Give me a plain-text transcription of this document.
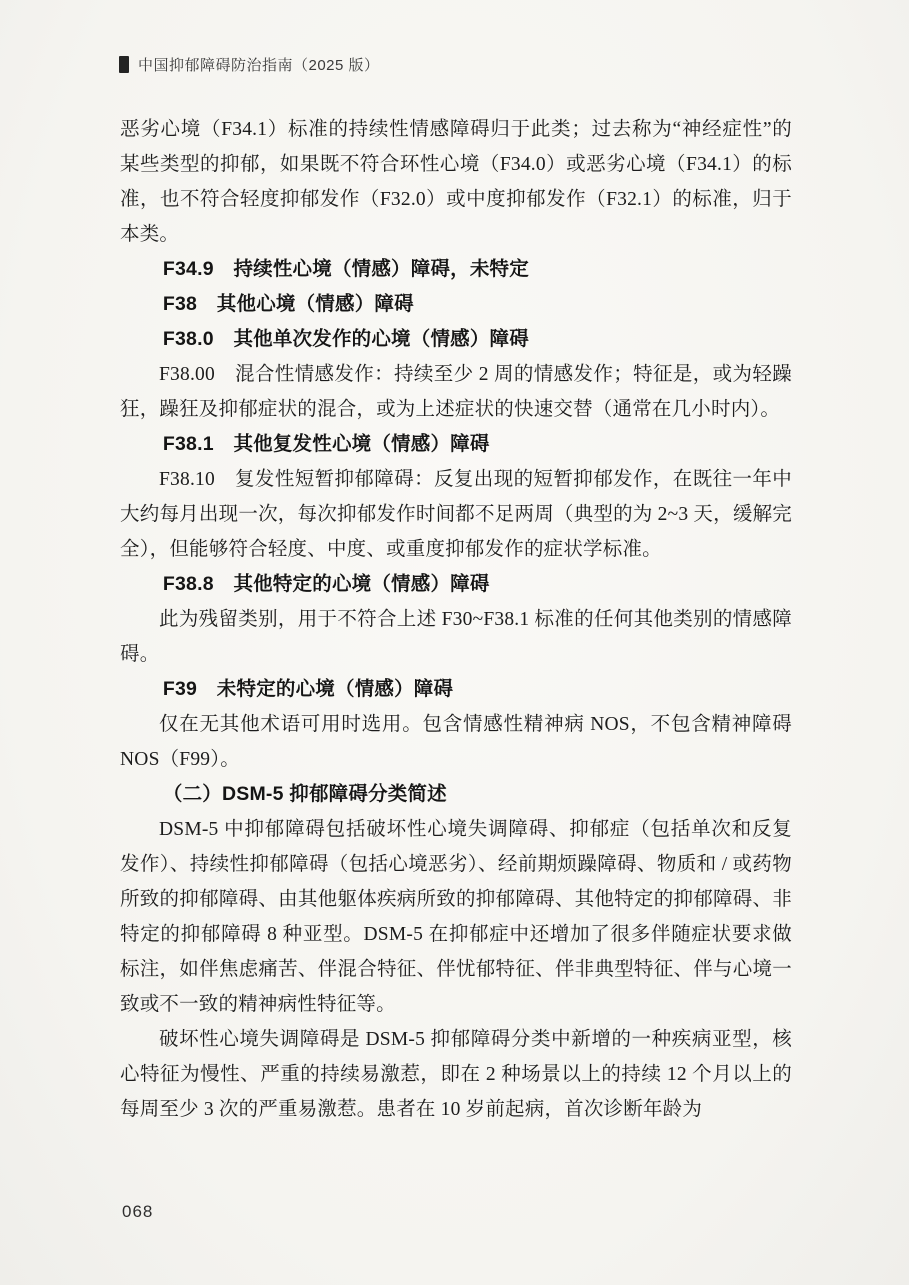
中国抑郁障碍防治指南（2025 版）

恶劣心境（F34.1）标准的持续性情感障碍归于此类；过去称为“神经症性”的某些类型的抑郁，如果既不符合环性心境（F34.0）或恶劣心境（F34.1）的标准，也不符合轻度抑郁发作（F32.0）或中度抑郁发作（F32.1）的标准，归于本类。

F34.9　持续性心境（情感）障碍，未特定

F38　其他心境（情感）障碍

F38.0　其他单次发作的心境（情感）障碍

F38.00　混合性情感发作：持续至少 2 周的情感发作；特征是，或为轻躁狂，躁狂及抑郁症状的混合，或为上述症状的快速交替（通常在几小时内）。

F38.1　其他复发性心境（情感）障碍

F38.10　复发性短暂抑郁障碍：反复出现的短暂抑郁发作，在既往一年中大约每月出现一次，每次抑郁发作时间都不足两周（典型的为 2~3 天，缓解完全），但能够符合轻度、中度、或重度抑郁发作的症状学标准。

F38.8　其他特定的心境（情感）障碍

此为残留类别，用于不符合上述 F30~F38.1 标准的任何其他类别的情感障碍。

F39　未特定的心境（情感）障碍

仅在无其他术语可用时选用。包含情感性精神病 NOS，不包含精神障碍 NOS（F99）。

（二）DSM-5 抑郁障碍分类简述

DSM-5 中抑郁障碍包括破坏性心境失调障碍、抑郁症（包括单次和反复发作）、持续性抑郁障碍（包括心境恶劣）、经前期烦躁障碍、物质和 / 或药物所致的抑郁障碍、由其他躯体疾病所致的抑郁障碍、其他特定的抑郁障碍、非特定的抑郁障碍 8 种亚型。DSM-5 在抑郁症中还增加了很多伴随症状要求做标注，如伴焦虑痛苦、伴混合特征、伴忧郁特征、伴非典型特征、伴与心境一致或不一致的精神病性特征等。

破坏性心境失调障碍是 DSM-5 抑郁障碍分类中新增的一种疾病亚型，核心特征为慢性、严重的持续易激惹，即在 2 种场景以上的持续 12 个月以上的每周至少 3 次的严重易激惹。患者在 10 岁前起病，首次诊断年龄为

068
